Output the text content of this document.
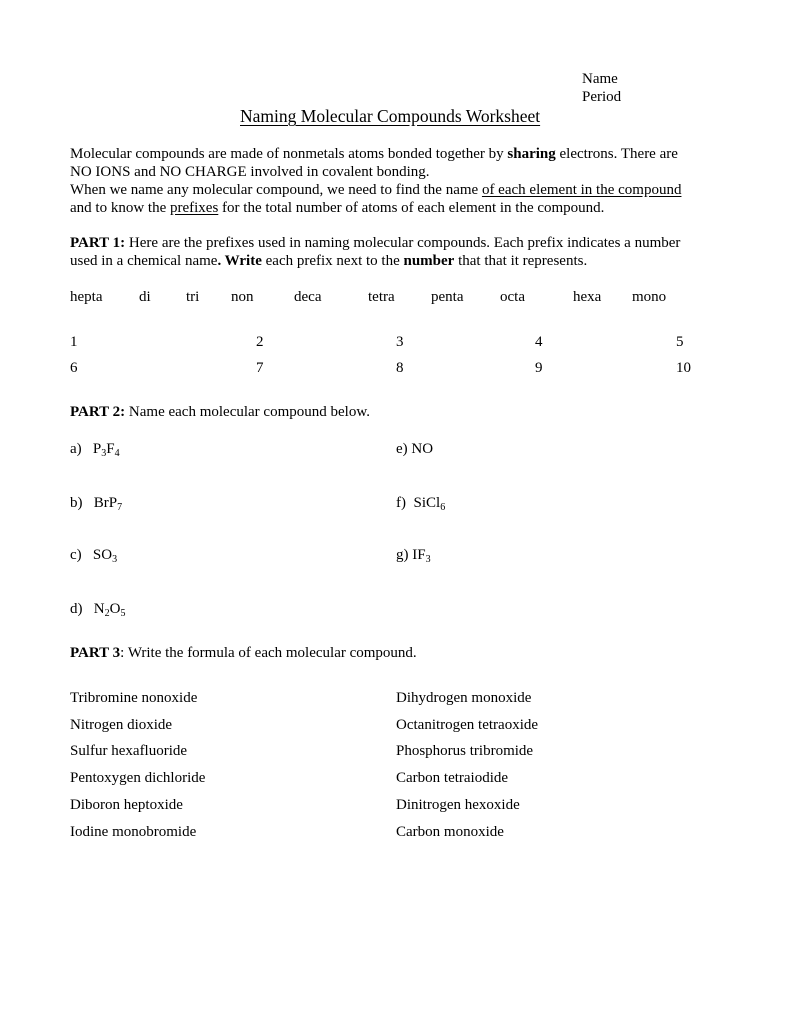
Name
Period
Naming Molecular Compounds Worksheet
Molecular compounds are made of nonmetals atoms bonded together by sharing electrons. There are
NO IONS and NO CHARGE involved in covalent bonding.
When we name any molecular compound, we need to find the name of each element in the compound
and to know the prefixes for the total number of atoms of each element in the compound.
PART 1: Here are the prefixes used in naming molecular compounds. Each prefix indicates a number
used in a chemical name. Write each prefix next to the number that that it represents.
hepta di tri non	deca	tetra penta octa	hexa mono
1	2	3	4	5
6	7	8	9	10
PART 2: Name each molecular compound below.
a) $P_3F_4$
b) BrP$_7$
c) $SO_3$
d) $N_2O_5$
e) NO
f) SiCl$_6$
g) $IF_3$
PART 3: Write the formula of each molecular compound.
Tribromine nonoxide
Nitrogen dioxide
Sulfur hexafluoride
Pentoxygen dichloride
Diboron heptoxide
Iodine monobromide
Dihydrogen monoxide
Octanitrogen tetraoxide
Phosphorus tribromide
Carbon tetraiodide
Dinitrogen hexoxide
Carbon monoxide
